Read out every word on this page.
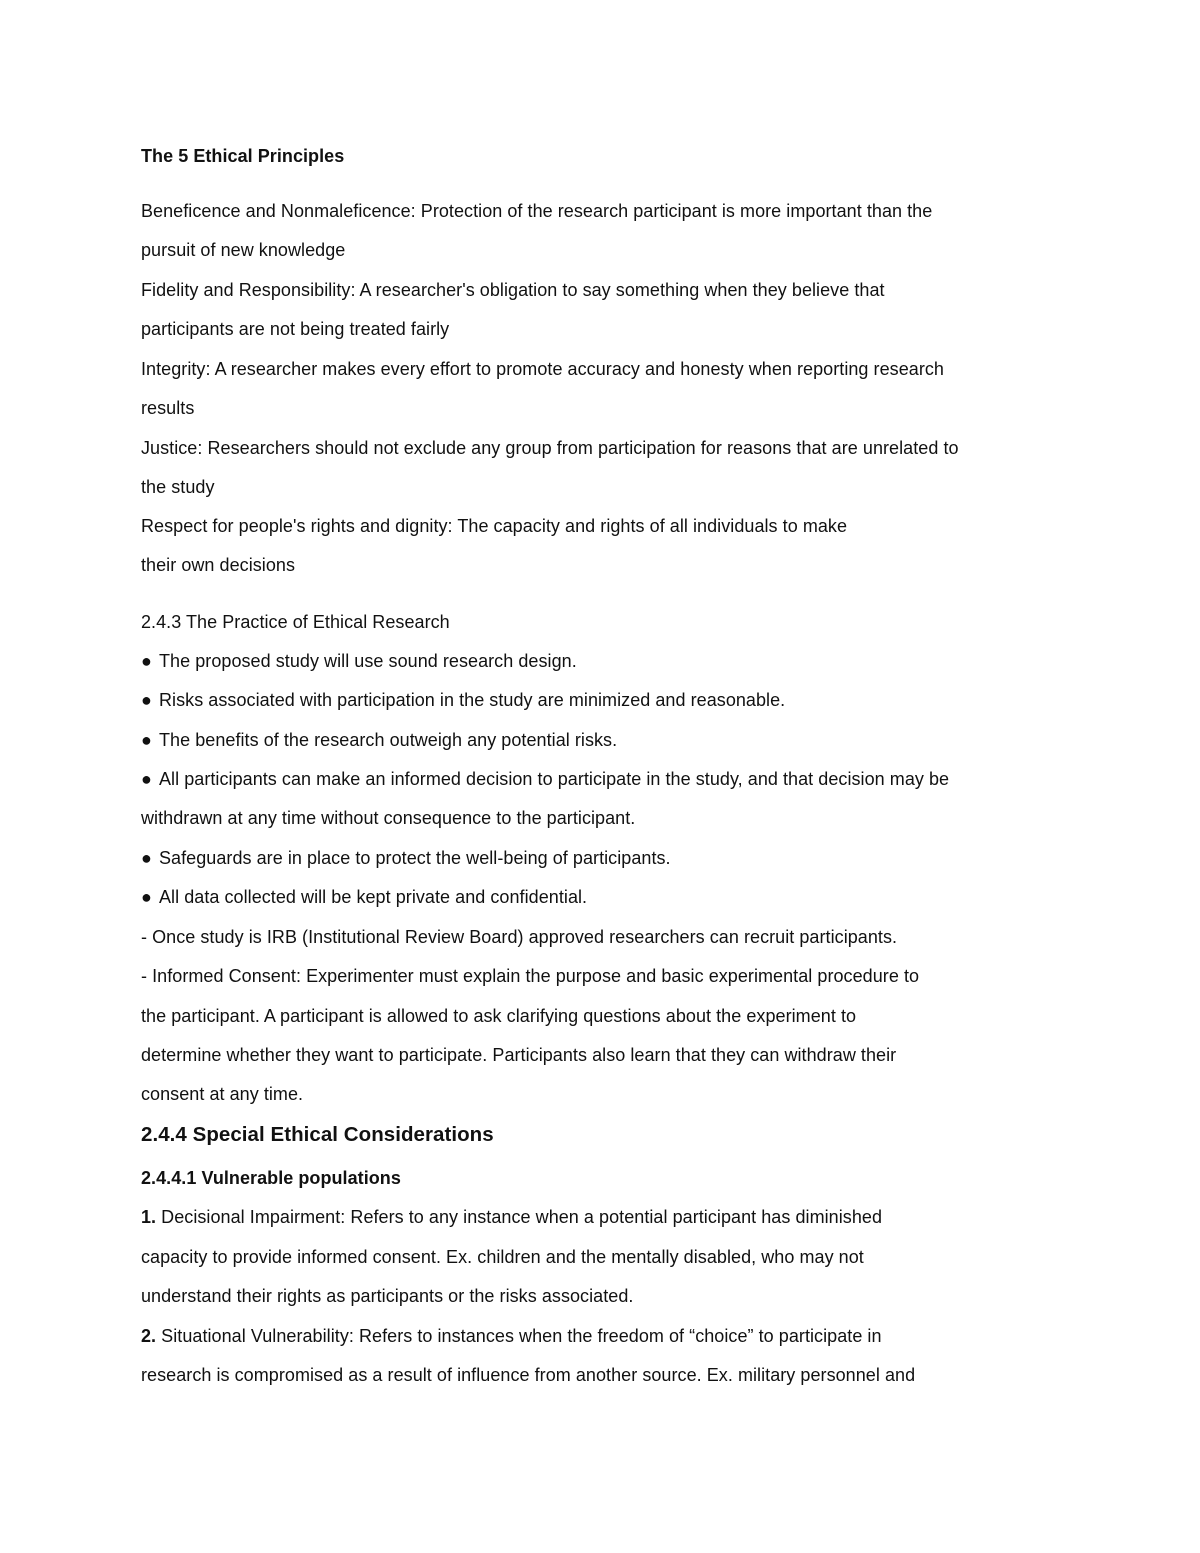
The 5 Ethical Principles

Beneficence and Nonmaleficence: Protection of the research participant is more important than the

pursuit of new knowledge

Fidelity and Responsibility: A researcher's obligation to say something when they believe that

participants are not being treated fairly

Integrity: A researcher makes every effort to promote accuracy and honesty when reporting research

results

Justice: Researchers should not exclude any group from participation for reasons that are unrelated to

the study

Respect for people's rights and dignity: The capacity and rights of all individuals to make

their own decisions

2.4.3 The Practice of Ethical Research

● The proposed study will use sound research design.

● Risks associated with participation in the study are minimized and reasonable.

● The benefits of the research outweigh any potential risks.

● All participants can make an informed decision to participate in the study, and that decision may be

withdrawn at any time without consequence to the participant.

● Safeguards are in place to protect the well-being of participants.

● All data collected will be kept private and confidential.

- Once study is IRB (Institutional Review Board) approved researchers can recruit participants.

- Informed Consent: Experimenter must explain the purpose and basic experimental procedure to

the participant. A participant is allowed to ask clarifying questions about the experiment to

determine whether they want to participate. Participants also learn that they can withdraw their

consent at any time.

2.4.4 Special Ethical Considerations

2.4.4.1 Vulnerable populations

1. Decisional Impairment: Refers to any instance when a potential participant has diminished

capacity to provide informed consent. Ex. children and the mentally disabled, who may not

understand their rights as participants or the risks associated.

2. Situational Vulnerability: Refers to instances when the freedom of “choice” to participate in

research is compromised as a result of influence from another source. Ex. military personnel and
